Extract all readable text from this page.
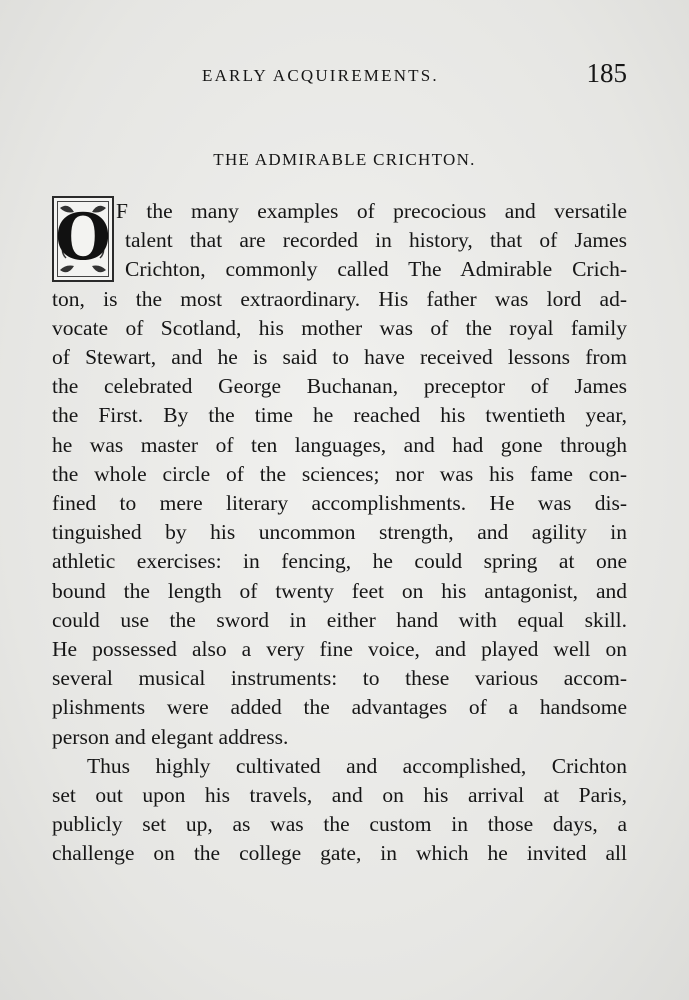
EARLY ACQUIREMENTS.	185
THE ADMIRABLE CRICHTON.
O F the many examples of precocious and versatile
talent that are recorded in history, that of James
Crichton, commonly called The Admirable Crich-
ton, is the most extraordinary. His father was lord ad-
vocate of Scotland, his mother was of the royal family
of Stewart, and he is said to have received lessons from
the celebrated George Buchanan, preceptor of James
the First. By the time he reached his twentieth year,
he was master of ten languages, and had gone through
the whole circle of the sciences; nor was his fame con-
fined to mere literary accomplishments. He was dis-
tinguished by his uncommon strength, and agility in
athletic exercises: in fencing, he could spring at one
bound the length of twenty feet on his antagonist, and
could use the sword in either hand with equal skill.
He possessed also a very fine voice, and played well on
several musical instruments: to these various accom-
plishments were added the advantages of a handsome
person and elegant address.
Thus highly cultivated and accomplished, Crichton
set out upon his travels, and on his arrival at Paris,
publicly set up, as was the custom in those days, a
challenge on the college gate, in which he invited all
